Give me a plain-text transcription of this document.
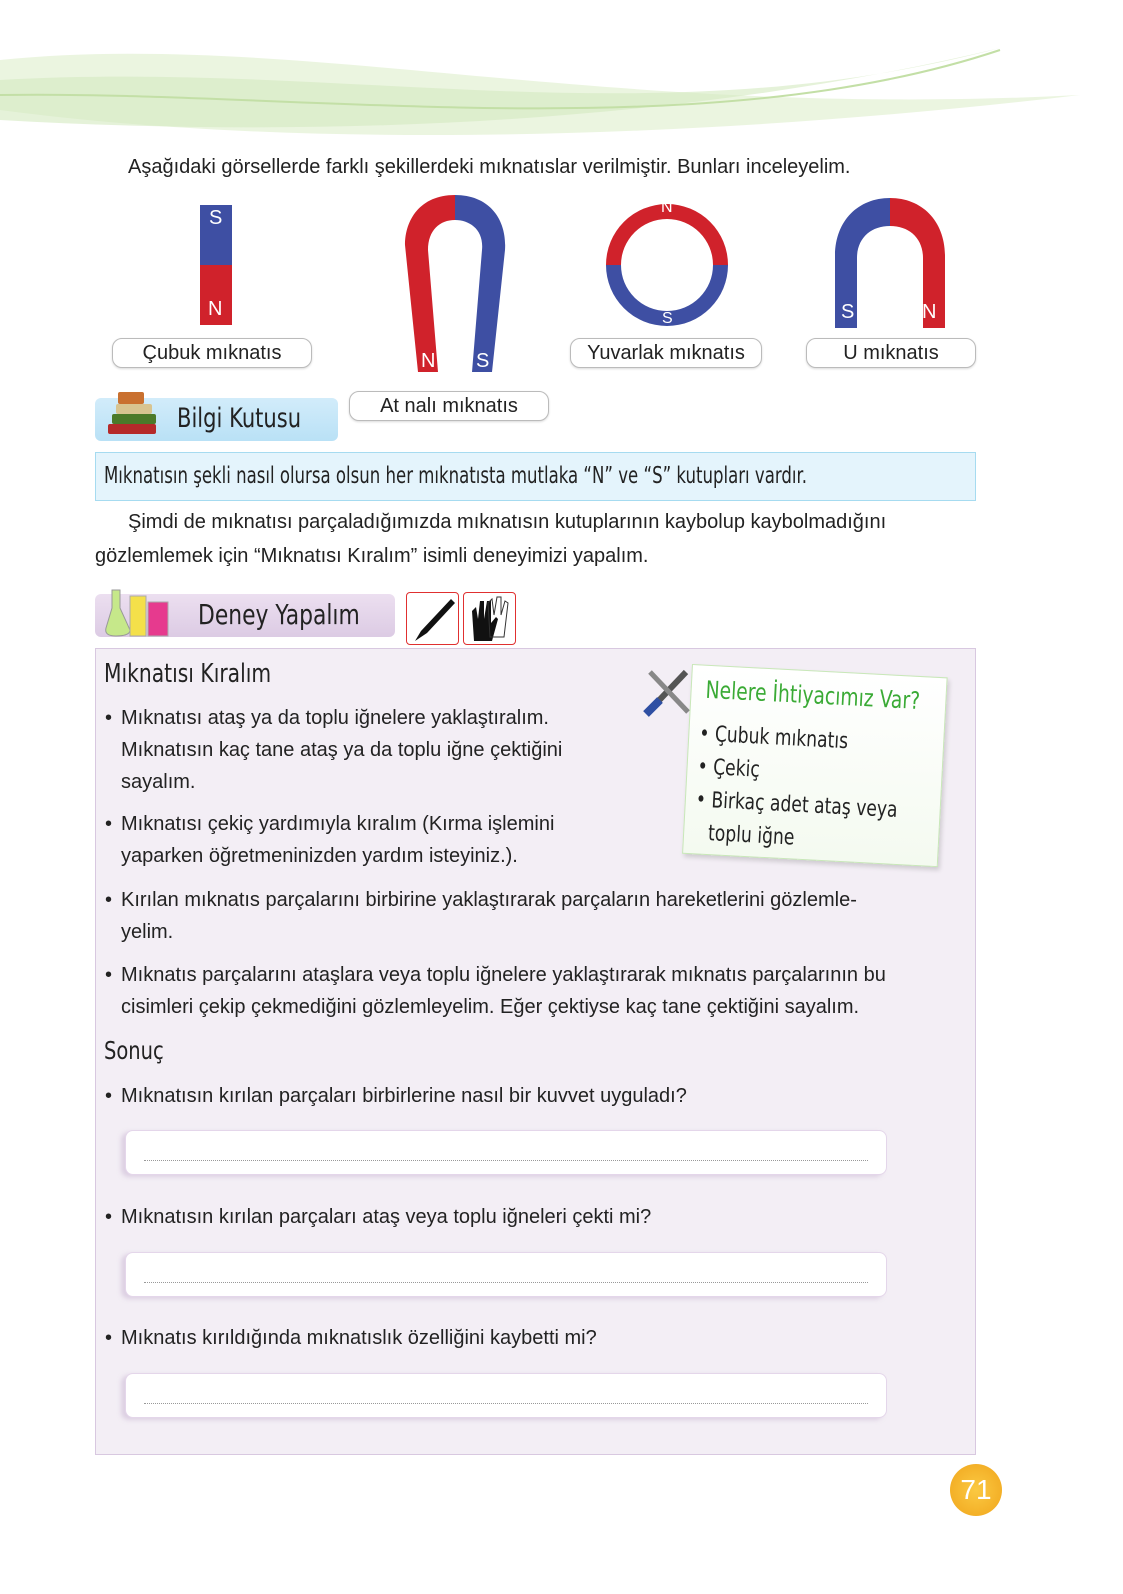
Aşağıdaki görsellerde farklı şekillerdeki mıknatıslar verilmiştir. Bunları inceleyelim.
S
N
Çubuk mıknatıs	N S
At nalı mıknatıs
N
S
Yuvarlak mıknatıs
S	N
U mıknatıs
Bilgi Kutusu
Mıknatısın şekli nasıl olursa olsun her mıknatısta mutlaka “N” ve “S” kutupları vardır.
Şimdi de mıknatısı parçaladığımızda mıknatısın kutuplarının kaybolup kaybolmadığını
gözlemlemek için “Mıknatısı Kıralım” isimli deneyimizi yapalım.
Deney Yapalım
Mıknatısı Kıralım
• Mıknatısı ataş ya da toplu iğnelere yaklaştıralım.
Mıknatısın kaç tane ataş ya da toplu iğne çektiğini
sayalım.
• Mıknatısı çekiç yardımıyla kıralım (Kırma işlemini
yaparken öğretmeninizden yardım isteyiniz.).
• Kırılan mıknatıs parçalarını birbirine yaklaştırarak parçaların hareketlerini gözlemle-
yelim.
• Mıknatıs parçalarını ataşlara veya toplu iğnelere yaklaştırarak mıknatıs parçalarının bu
cisimleri çekip çekmediğini gözlemleyelim. Eğer çektiyse kaç tane çektiğini sayalım.
Nelere İhtiyacımız Var?
• Çubuk mıknatıs
• Çekiç
• Birkaç adet ataş veya
toplu iğne
Sonuç
• Mıknatısın kırılan parçaları birbirlerine nasıl bir kuvvet uyguladı?
• Mıknatısın kırılan parçaları ataş veya toplu iğneleri çekti mi?
• Mıknatıs kırıldığında mıknatıslık özelliğini kaybetti mi?
71
